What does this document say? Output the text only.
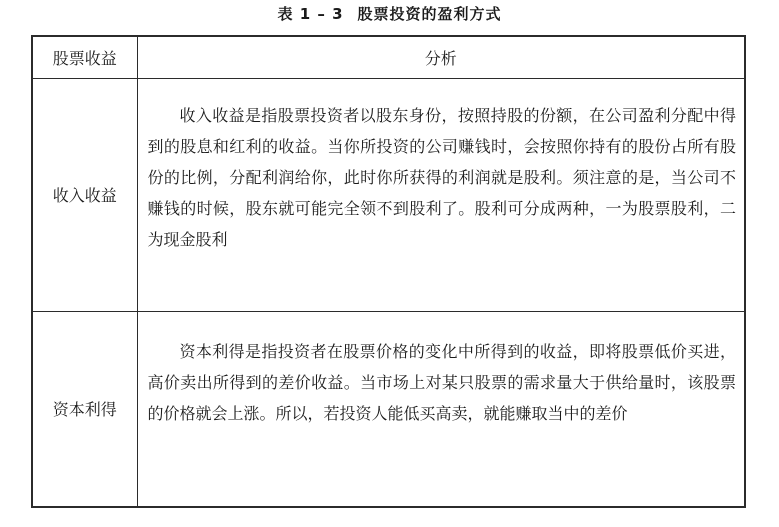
表 1 – 3 股票投资的盈利方式
股票收益	分析
收入收益	收入收益是指股票投资者以股东身份，按照持股的份额，在公司盈利分配中得到的股息和红利的收益。当你所投资的公司赚钱时，会按照你持有的股份占所有股份的比例，分配利润给你，此时你所获得的利润就是股利。须注意的是，当公司不赚钱的时候，股东就可能完全领不到股利了。股利可分成两种，一为股票股利，二为现金股利

资本利得	资本利得是指投资者在股票价格的变化中所得到的收益，即将股票低价买进，高价卖出所得到的差价收益。当市场上对某只股票的需求量大于供给量时，该股票的价格就会上涨。所以，若投资人能低买高卖，就能赚取当中的差价
